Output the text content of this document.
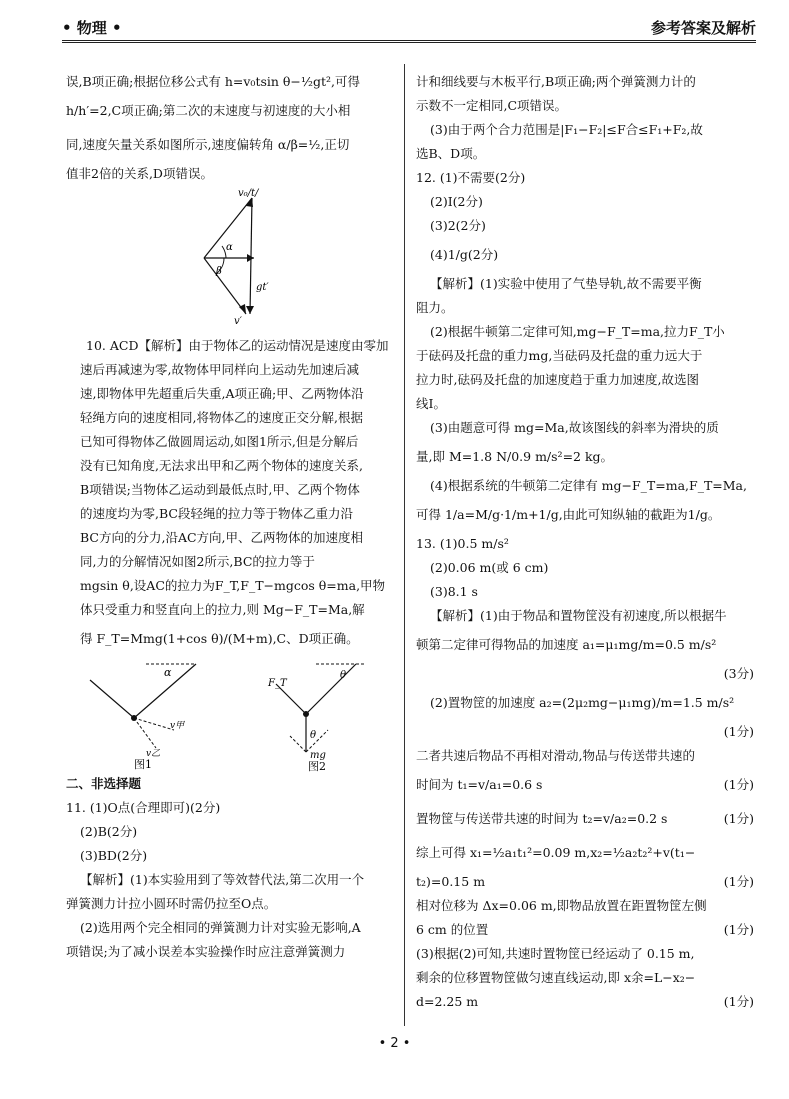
• 物理 •	参考答案及解析
误,B项正确;根据位移公式有 h=v₀tsin θ−½gt²,可得
h/h′=2,C项正确;第二次的末速度与初速度的大小相
同,速度矢量关系如图所示,速度偏转角 α/β=½,正切
值非2倍的关系,D项错误。
v₀/t/
α
β
gt′
v′
10. ACD【解析】由于物体乙的运动情况是速度由零加
速后再减速为零,故物体甲同样向上运动先加速后减
速,即物体甲先超重后失重,A项正确;甲、乙两物体沿
轻绳方向的速度相同,将物体乙的速度正交分解,根据
已知可得物体乙做圆周运动,如图1所示,但是分解后
没有已知角度,无法求出甲和乙两个物体的速度关系,
B项错误;当物体乙运动到最低点时,甲、乙两个物体
的速度均为零,BC段轻绳的拉力等于物体乙重力沿
BC方向的分力,沿AC方向,甲、乙两物体的加速度相
同,力的分解情况如图2所示,BC的拉力等于
mgsin θ,设AC的拉力为F_T,F_T−mgcos θ=ma,甲物
体只受重力和竖直向上的拉力,则 Mg−F_T=Ma,解
得 F_T=Mmg(1+cos θ)/(M+m),C、D项正确。
α
v甲
v乙
图1
F_T
θ
θ
mg
图2
二、非选择题
11. (1)O点(合理即可)(2分)
(2)B(2分)
(3)BD(2分)
【解析】(1)本实验用到了等效替代法,第二次用一个
弹簧测力计拉小圆环时需仍拉至O点。
(2)选用两个完全相同的弹簧测力计对实验无影响,A
项错误;为了减小误差本实验操作时应注意弹簧测力
计和细线要与木板平行,B项正确;两个弹簧测力计的
示数不一定相同,C项错误。
(3)由于两个合力范围是|F₁−F₂|≤F合≤F₁+F₂,故
选B、D项。
12. (1)不需要(2分)
(2)Ⅰ(2分)
(3)2(2分)
(4)1/g(2分)
【解析】(1)实验中使用了气垫导轨,故不需要平衡
阻力。
(2)根据牛顿第二定律可知,mg−F_T=ma,拉力F_T小
于砝码及托盘的重力mg,当砝码及托盘的重力远大于
拉力时,砝码及托盘的加速度趋于重力加速度,故选图
线Ⅰ。
(3)由题意可得 mg=Ma,故该图线的斜率为滑块的质
量,即 M=1.8 N/0.9 m/s²=2 kg。
(4)根据系统的牛顿第二定律有 mg−F_T=ma,F_T=Ma,
可得 1/a=M/g·1/m+1/g,由此可知纵轴的截距为1/g。
13. (1)0.5 m/s²
(2)0.06 m(或 6 cm)
(3)8.1 s
【解析】(1)由于物品和置物筐没有初速度,所以根据牛
顿第二定律可得物品的加速度 a₁=μ₁mg/m=0.5 m/s²
(3分)
(2)置物筐的加速度 a₂=(2μ₂mg−μ₁mg)/m=1.5 m/s²
(1分)
二者共速后物品不再相对滑动,物品与传送带共速的
时间为 t₁=v/a₁=0.6 s	(1分)
置物筐与传送带共速的时间为 t₂=v/a₂=0.2 s	(1分)
综上可得 x₁=½a₁t₁²=0.09 m,x₂=½a₂t₂²+v(t₁−
t₂)=0.15 m	(1分)
相对位移为 Δx=0.06 m,即物品放置在距置物筐左侧
6 cm 的位置	(1分)
(3)根据(2)可知,共速时置物筐已经运动了 0.15 m,
剩余的位移置物筐做匀速直线运动,即 x余=L−x₂−
d=2.25 m	(1分)
• 2 •
